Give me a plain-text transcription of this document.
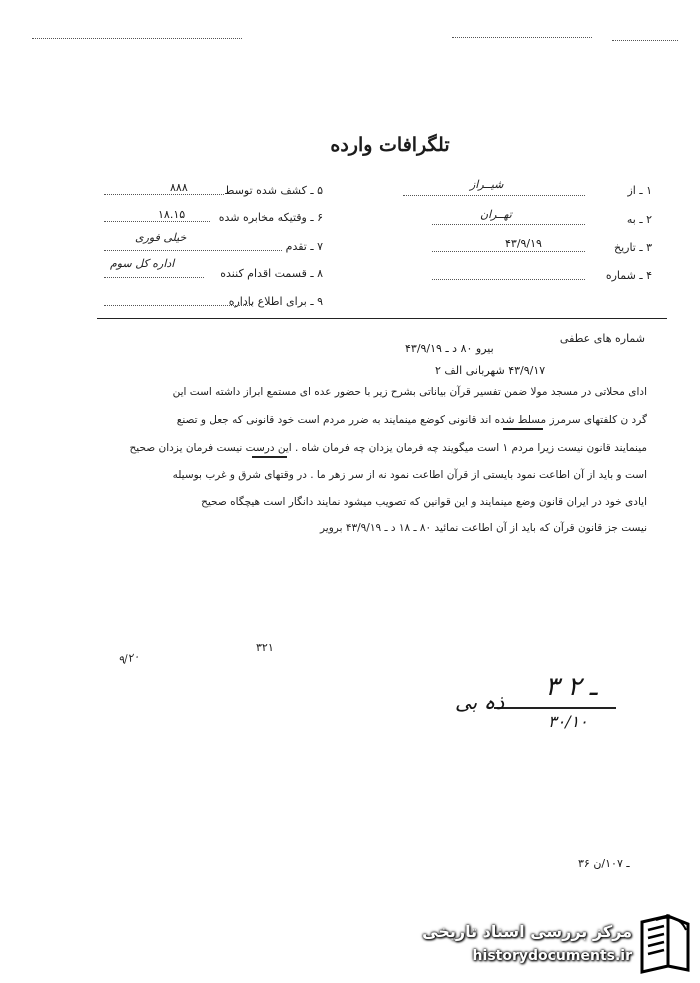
تلگرافات وارده
۱ ـ از
شیــراز
۲ ـ به
تهــران
۳ ـ تاریخ
۴۳/۹/۱۹
۴ ـ شماره
۵ ـ کشف شده توسط
۸۸۸
۶ ـ وقتیکه مخابره شده
۱۸.۱۵
۷ ـ تقدم
خیلی فوری
۸ ـ قسمت اقدام کننده
اداره کل سوم
۹ ـ برای اطلاع باداره
شماره های عطفی
بیرو ۸۰ د ـ ۴۳/۹/۱۹
۴۳/۹/۱۷ شهربانی الف ۲
ادای محلاتی در مسجد مولا ضمن تفسیر قرآن بیاناتی بشرح زیر با حضور عده ای مستمع ابراز داشته است این
گرد ن کلفتهای سرمرز مسلط شده اند قانونی کوضع مینمایند به ضرر مردم است خود قانونی که جعل و تصنع
مینمایند قانون نیست زیرا مردم ۱ است میگویند چه فرمان یزدان چه فرمان شاه . این درست نیست فرمان یزدان صحیح
است و باید از آن اطاعت نمود بایستی از قرآن اطاعت نمود نه از سر زهر ما . در وقتهای شرق و غرب بوسیله
ایادی خود در ایران قانون وضع مینمایند و این قوانین که تصویب میشود نمایند دانگار است هیچگاه صحیح
نیست جز قانون قرآن که باید از آن اطاعت نمائید ۸۰ ـ ۱۸ د ـ ۴۳/۹/۱۹ برویر
۳۲۱
۹/۲۰
۳ ـ ۲
ذہ بی
۳۰/۱۰
۳۶ ـ ۱۰۷/ن
مرکز بررسی اسناد تاریخی
historydocuments.ir
